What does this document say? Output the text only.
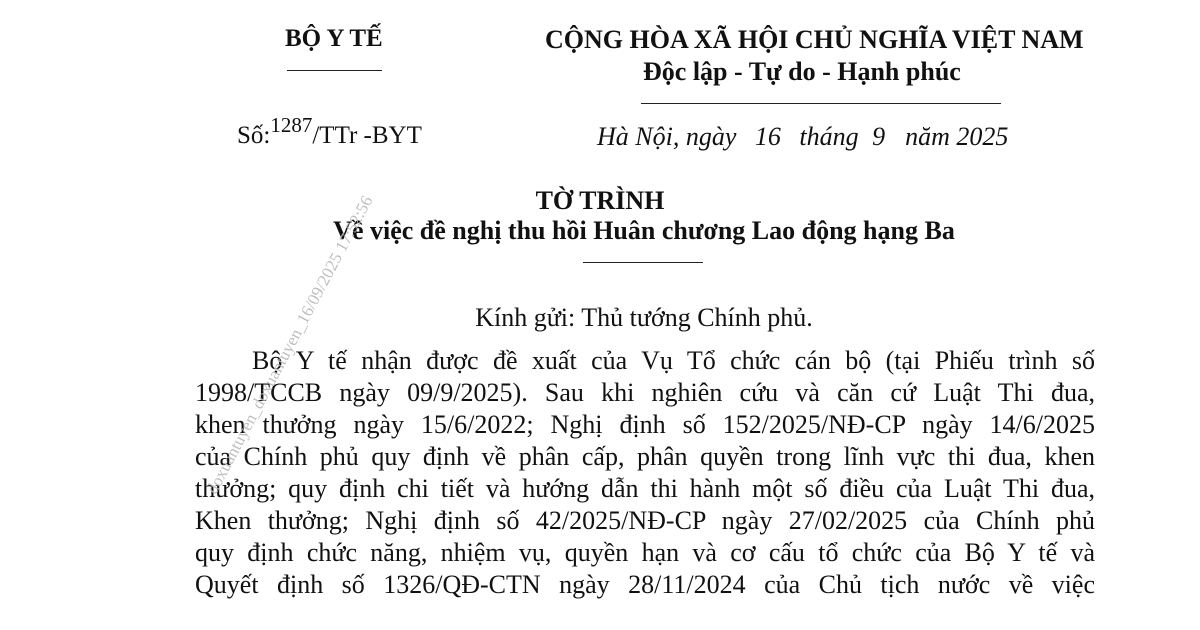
BỘ Y TẾ	CỘNG HÒA XÃ HỘI CHỦ NGHĨA VIỆT NAM
Độc lập - Tự do - Hạnh phúc
Số:$^{1287}$/TTr -BYT	Hà Nội, ngày 16 tháng 9 năm 2025
TỜ TRÌNH
Về việc đề nghị thu hồi Huân chương Lao động hạng Ba
Kính gửi: Thủ tướng Chính phủ.
Bộ Y tế nhận được đề xuất của Vụ Tổ chức cán bộ (tại Phiếu trình số
1998/TCCB ngày 09/9/2025). Sau khi nghiên cứu và căn cứ Luật Thi đua,
khen thưởng ngày 15/6/2022; Nghị định số 152/2025/NĐ-CP ngày 14/6/2025
của Chính phủ quy định về phân cấp, phân quyền trong lĩnh vực thi đua, khen
thưởng; quy định chi tiết và hướng dẫn thi hành một số điều của Luật Thi đua,
Khen thưởng; Nghị định số 42/2025/NĐ-CP ngày 27/02/2025 của Chính phủ
quy định chức năng, nhiệm vụ, quyền hạn và cơ cấu tổ chức của Bộ Y tế và
Quyết định số 1326/QĐ-CTN ngày 28/11/2024 của Chủ tịch nước về việc
doxuantuyen_doxuantuyen_16/09/2025 17:52:56
